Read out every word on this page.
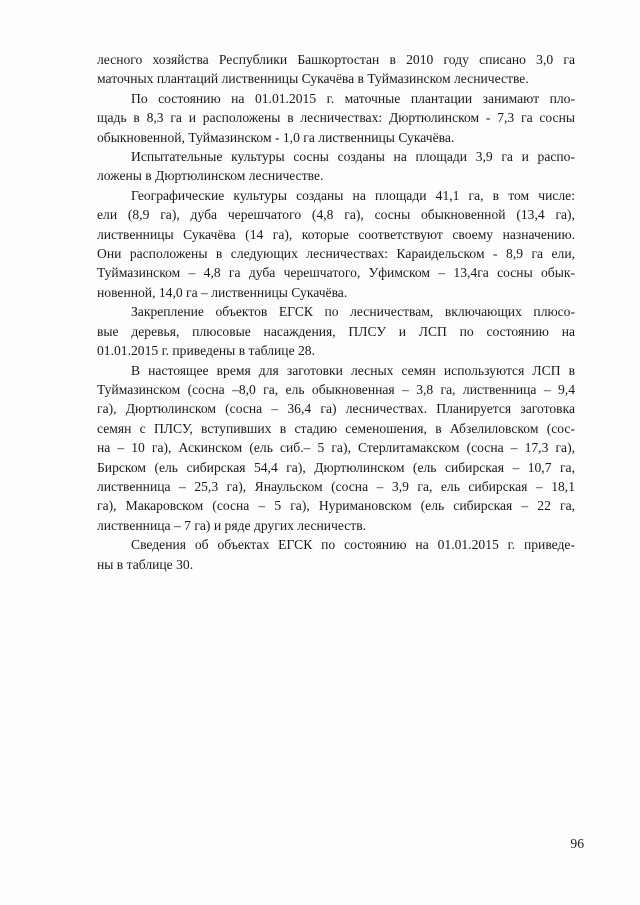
лесного хозяйства Республики Башкортостан в 2010 году списано 3,0 га
маточных плантаций лиственницы Сукачёва в Туймазинском лесничестве.

По состоянию на 01.01.2015 г. маточные плантации занимают пло-
щадь в 8,3 га и расположены в лесничествах: Дюртюлинском - 7,3 га сосны
обыкновенной, Туймазинском - 1,0 га лиственницы Сукачёва.

Испытательные культуры сосны созданы на площади 3,9 га и распо-
ложены в Дюртюлинском лесничестве.

Географические культуры созданы на площади 41,1 га, в том числе:
ели (8,9 га), дуба черешчатого (4,8 га), сосны обыкновенной (13,4 га),
лиственницы Сукачёва (14 га), которые соответствуют своему назначению.
Они расположены в следующих лесничествах: Караидельском - 8,9 га ели,
Туймазинском – 4,8 га дуба черешчатого, Уфимском – 13,4га сосны обык-
новенной, 14,0 га – лиственницы Сукачёва.

Закрепление объектов ЕГСК по лесничествам, включающих плюсо-
вые деревья, плюсовые насаждения, ПЛСУ и ЛСП по состоянию на
01.01.2015 г. приведены в таблице 28.

В настоящее время для заготовки лесных семян используются ЛСП в
Туймазинском (сосна –8,0 га, ель обыкновенная – 3,8 га, лиственница – 9,4
га), Дюртюлинском (сосна – 36,4 га) лесничествах. Планируется заготовка
семян с ПЛСУ, вступивших в стадию семеношения, в Абзелиловском (сос-
на – 10 га), Аскинском (ель сиб.– 5 га), Стерлитамакском (сосна – 17,3 га),
Бирском (ель сибирская 54,4 га), Дюртюлинском (ель сибирская – 10,7 га,
лиственница – 25,3 га), Янаульском (сосна – 3,9 га, ель сибирская – 18,1
га), Макаровском (сосна – 5 га), Нуримановском (ель сибирская – 22 га,
лиственница – 7 га) и ряде других лесничеств.

Сведения об объектах ЕГСК по состоянию на 01.01.2015 г. приведе-
ны в таблице 30.

96
